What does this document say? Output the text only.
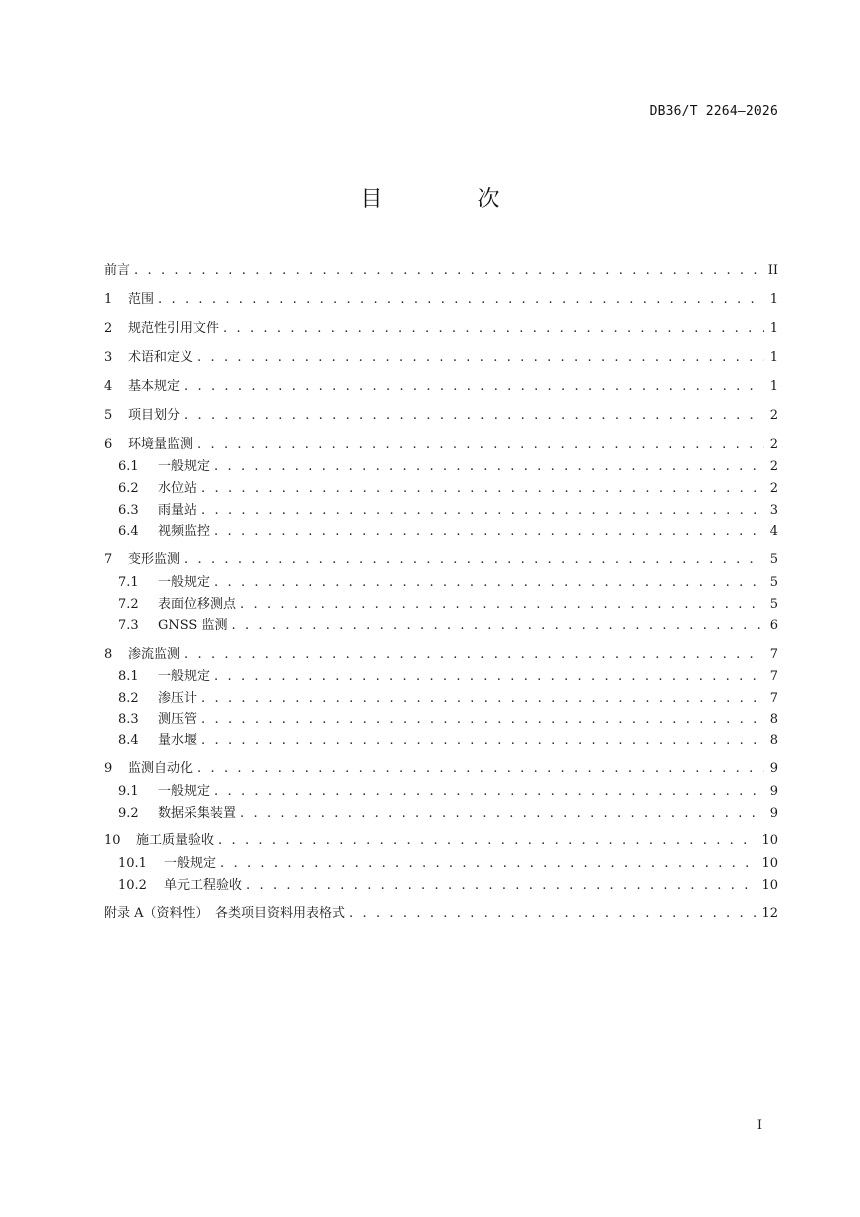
DB36/T 2264—2026
目 次
前言 . . .	II
1	范围 . . .	1
2	规范性引用文件 . . .	1
3	术语和定义 . . .	1
4	基本规定 . . .	1
5	项目划分 . . .	2
6	环境量监测 . . .	2
6.1	一般规定 . . .	2
6.2	水位站 . . .	2
6.3	雨量站 . . .	3
6.4	视频监控 . . .	4
7	变形监测 . . .	5
7.1	一般规定 . . .	5
7.2	表面位移测点 . . .	5
7.3	GNSS 监测 . . .	6
8	渗流监测 . . .	7
8.1	一般规定 . . .	7
8.2	渗压计 . . .	7
8.3	测压管 . . .	8
8.4	量水堰 . . .	8
9	监测自动化 . . .	9
9.1	一般规定 . . .	9
9.2	数据采集装置 . . .	9
10	施工质量验收 . . .	10
10.1	一般规定 . . .	10
10.2	单元工程验收 . . .	10
附录 A（资料性）　各类项目资料用表格式 . . .	12
I
